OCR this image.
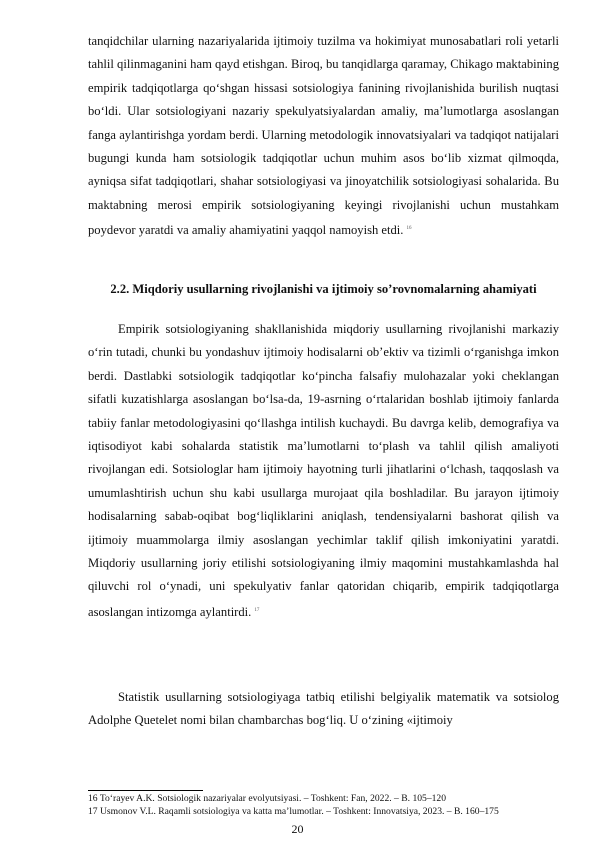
tanqidchilar ularning nazariyalarida ijtimoiy tuzilma va hokimiyat munosabatlari roli yetarli tahlil qilinmaganini ham qayd etishgan. Biroq, bu tanqidlarga qaramay, Chikago maktabining empirik tadqiqotlarga qoʻshgan hissasi sotsiologiya fanining rivojlanishida burilish nuqtasi boʻldi. Ular sotsiologiyani nazariy spekulyatsiyalardan amaliy, maʼlumotlarga asoslangan fanga aylantirishga yordam berdi. Ularning metodologik innovatsiyalari va tadqiqot natijalari bugungi kunda ham sotsiologik tadqiqotlar uchun muhim asos boʻlib xizmat qilmoqda, ayniqsa sifat tadqiqotlari, shahar sotsiologiyasi va jinoyatchilik sotsiologiyasi sohalarida. Bu maktabning merosi empirik sotsiologiyaning keyingi rivojlanishi uchun mustahkam poydevor yaratdi va amaliy ahamiyatini yaqqol namoyish etdi. $^{16}$
2.2. Miqdoriy usullarning rivojlanishi va ijtimoiy so’rovnomalarning ahamiyati
Empirik sotsiologiyaning shakllanishida miqdoriy usullarning rivojlanishi markaziy oʻrin tutadi, chunki bu yondashuv ijtimoiy hodisalarni obʼektiv va tizimli oʻrganishga imkon berdi. Dastlabki sotsiologik tadqiqotlar koʻpincha falsafiy mulohazalar yoki cheklangan sifatli kuzatishlarga asoslangan boʻlsa-da, 19-asrning oʻrtalaridan boshlab ijtimoiy fanlarda tabiiy fanlar metodologiyasini qoʻllashga intilish kuchaydi. Bu davrga kelib, demografiya va iqtisodiyot kabi sohalarda statistik maʼlumotlarni toʻplash va tahlil qilish amaliyoti rivojlangan edi. Sotsiologlar ham ijtimoiy hayotning turli jihatlarini oʻlchash, taqqoslash va umumlashtirish uchun shu kabi usullarga murojaat qila boshladilar. Bu jarayon ijtimoiy hodisalarning sabab-oqibat bogʻliqliklarini aniqlash, tendensiyalarni bashorat qilish va ijtimoiy muammolarga ilmiy asoslangan yechimlar taklif qilish imkoniyatini yaratdi. Miqdoriy usullarning joriy etilishi sotsiologiyaning ilmiy maqomini mustahkamlashda hal qiluvchi rol oʻynadi, uni spekulyativ fanlar qatoridan chiqarib, empirik tadqiqotlarga asoslangan intizomga aylantirdi. $^{17}$
Statistik usullarning sotsiologiyaga tatbiq etilishi belgiyalik matematik va sotsiolog Adolphe Quetelet nomi bilan chambarchas bogʻliq. U oʻzining «ijtimoiy
16 To‘rayev A.K. Sotsiologik nazariyalar evolyutsiyasi. – Toshkent: Fan, 2022. – B. 105–120
17 Usmonov V.L. Raqamli sotsiologiya va katta ma’lumotlar. – Toshkent: Innovatsiya, 2023. – B. 160–175
20
